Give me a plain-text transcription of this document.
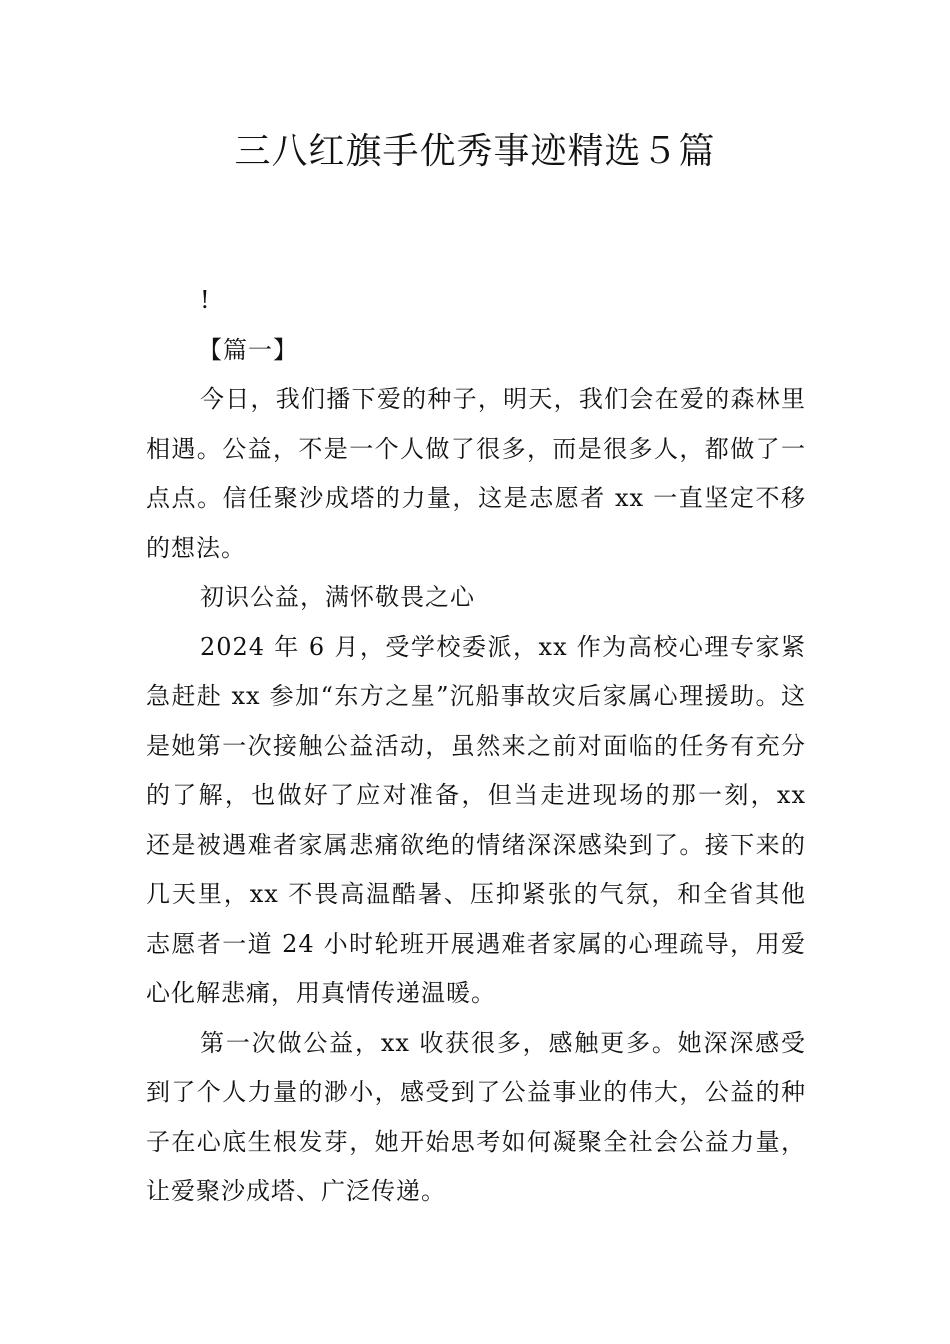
三八红旗手优秀事迹精选５篇

!

【篇一】

今日，我们播下爱的种子，明天，我们会在爱的森林里相遇。公益，不是一个人做了很多，而是很多人，都做了一点点。信任聚沙成塔的力量，这是志愿者 xx 一直坚定不移的想法。

初识公益，满怀敬畏之心

2024 年 6 月，受学校委派，xx 作为高校心理专家紧急赶赴 xx 参加“东方之星”沉船事故灾后家属心理援助。这是她第一次接触公益活动，虽然来之前对面临的任务有充分的了解，也做好了应对准备，但当走进现场的那一刻，xx 还是被遇难者家属悲痛欲绝的情绪深深感染到了。接下来的几天里，xx 不畏高温酷暑、压抑紧张的气氛，和全省其他志愿者一道 24 小时轮班开展遇难者家属的心理疏导，用爱心化解悲痛，用真情传递温暖。

第一次做公益，xx 收获很多，感触更多。她深深感受到了个人力量的渺小，感受到了公益事业的伟大，公益的种子在心底生根发芽，她开始思考如何凝聚全社会公益力量，让爱聚沙成塔、广泛传递。
